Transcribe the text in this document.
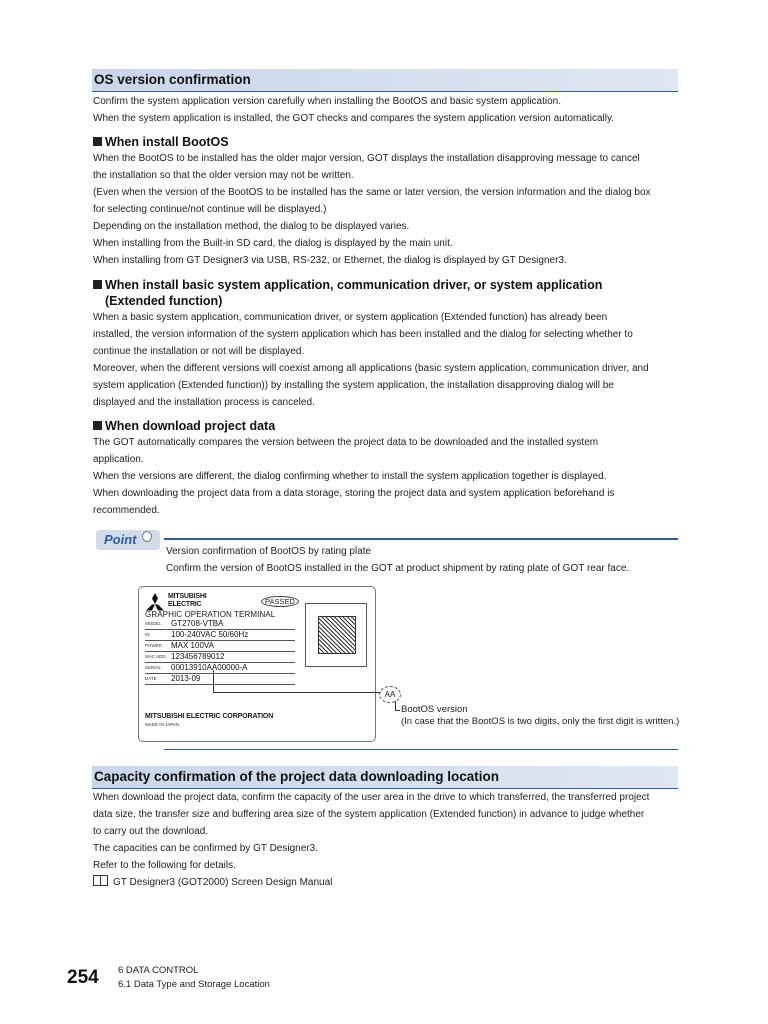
OS version confirmation
Confirm the system application version carefully when installing the BootOS and basic system application.
When the system application is installed, the GOT checks and compares the system application version automatically.
When install BootOS
When the BootOS to be installed has the older major version, GOT displays the installation disapproving message to cancel
the installation so that the older version may not be written.
(Even when the version of the BootOS to be installed has the same or later version, the version information and the dialog box
for selecting continue/not continue will be displayed.)
Depending on the installation method, the dialog to be displayed varies.
When installing from the Built-in SD card, the dialog is displayed by the main unit.
When installing from GT Designer3 via USB, RS-232, or Ethernet, the dialog is displayed by GT Designer3.
When install basic system application, communication driver, or system application
(Extended function)
When a basic system application, communication driver, or system application (Extended function) has already been
installed, the version information of the system application which has been installed and the dialog for selecting whether to
continue the installation or not will be displayed.
Moreover, when the different versions will coexist among all applications (basic system application, communication driver, and
system application (Extended function)) by installing the system application, the installation disapproving dialog will be
displayed and the installation process is canceled.
When download project data
The GOT automatically compares the version between the project data to be downloaded and the installed system
application.
When the versions are different, the dialog confirming whether to install the system application together is displayed.
When downloading the project data from a data storage, storing the project data and system application beforehand is
recommended.
Point
Version confirmation of BootOS by rating plate
Confirm the version of BootOS installed in the GOT at product shipment by rating plate of GOT rear face.
MITSUBISHI
ELECTRIC	PASSED
GRAPHIC OPERATION TERMINAL
MODEL GT2708-VTBA
IN	100-240VAC 50/60Hz
POWER MAX 100VA
MAC ADD. 123456789012
SERIAL 00013910AA00000-A
DATE 2013-09
MITSUBISHI ELECTRIC CORPORATION
MADE IN JAPAN
AA
BootOS version
(In case that the BootOS is two digits, only the first digit is written.)
Capacity confirmation of the project data downloading location
When download the project data, confirm the capacity of the user area in the drive to which transferred, the transferred project
data size, the transfer size and buffering area size of the system application (Extended function) in advance to judge whether
to carry out the download.
The capacities can be confirmed by GT Designer3.
Refer to the following for details.
GT Designer3 (GOT2000) Screen Design Manual
254 6 DATA CONTROL
6.1 Data Type and Storage Location
